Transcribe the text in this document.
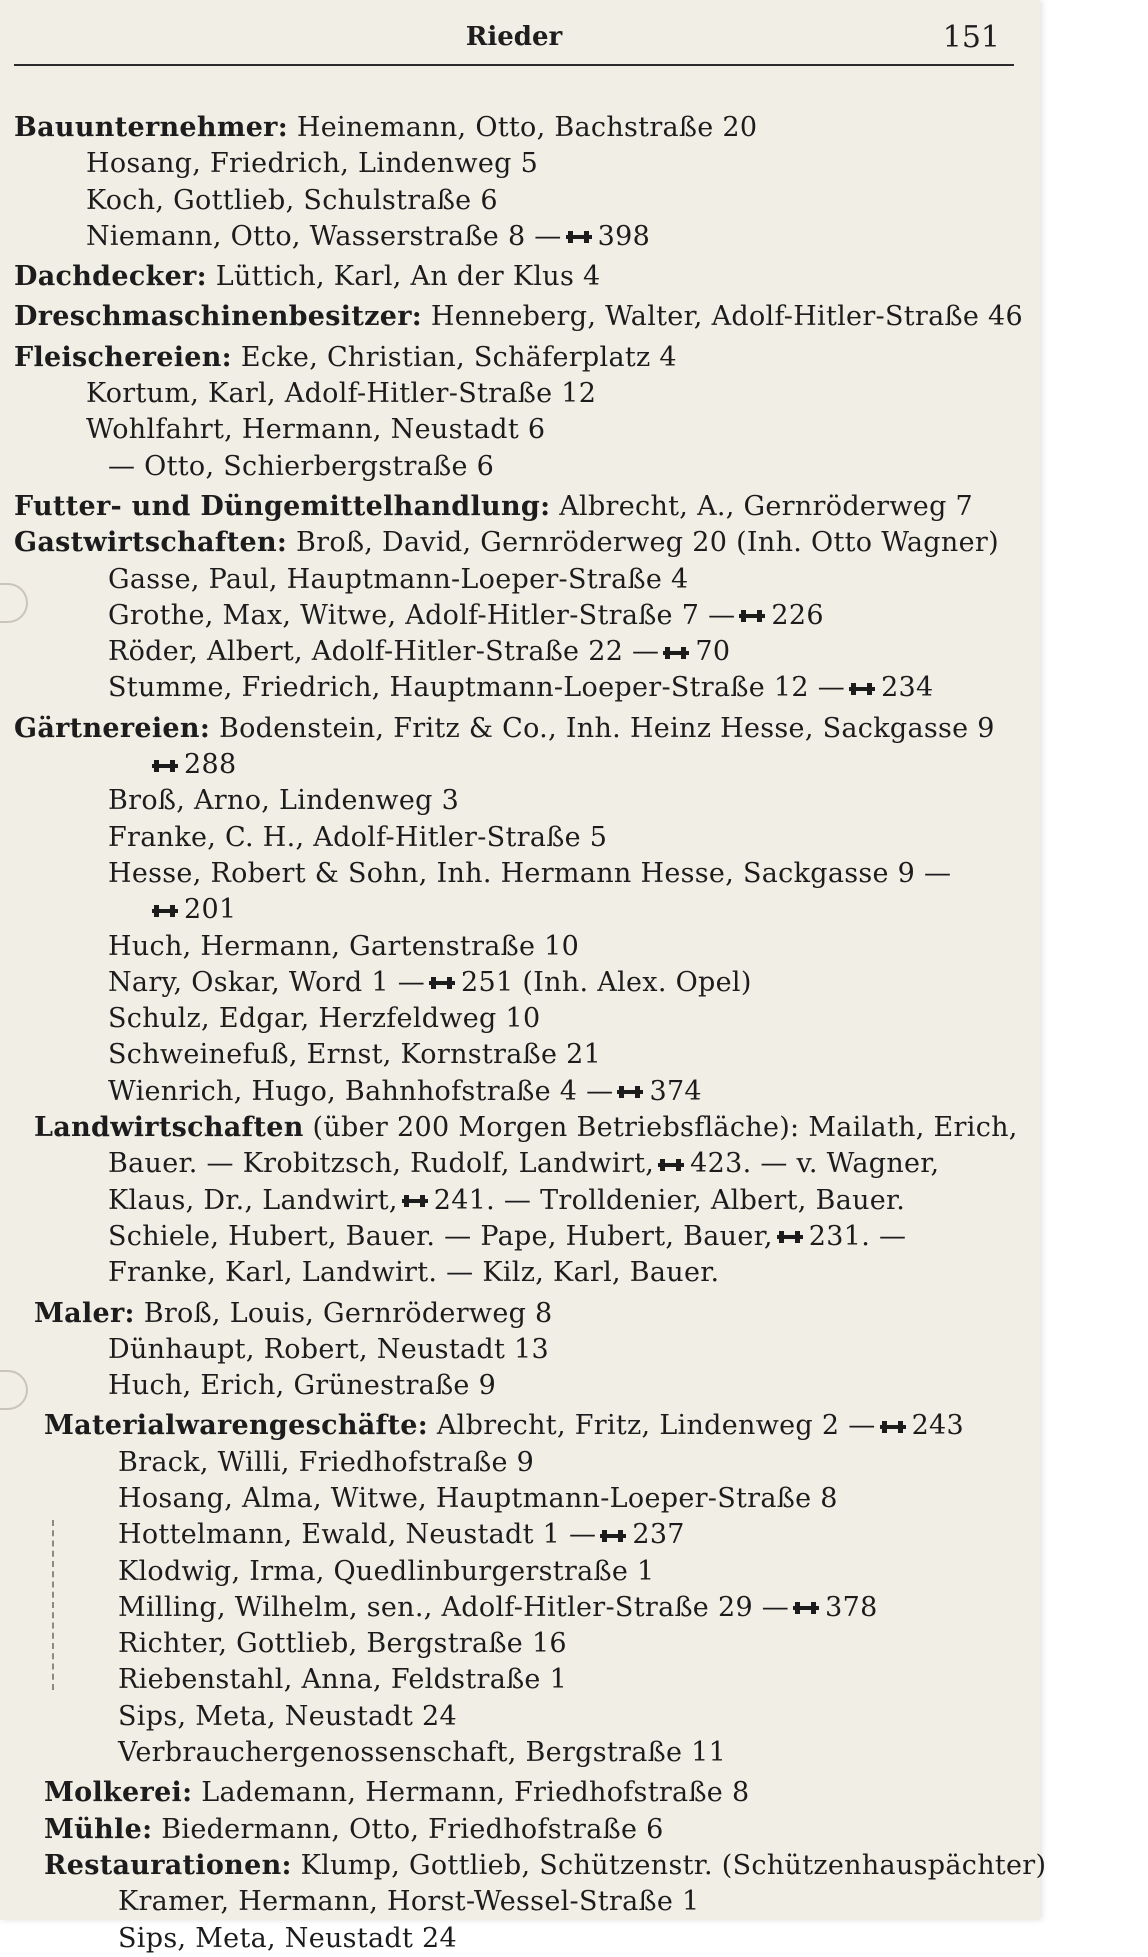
Rieder	151
Bauunternehmer: Heinemann, Otto, Bachstraße 20
Hosang, Friedrich, Lindenweg 5
Koch, Gottlieb, Schulstraße 6
Niemann, Otto, Wasserstraße 8 — 398
Dachdecker: Lüttich, Karl, An der Klus 4
Dreschmaschinenbesitzer: Henneberg, Walter, Adolf-Hitler-Straße 46
Fleischereien: Ecke, Christian, Schäferplatz 4
Kortum, Karl, Adolf-Hitler-Straße 12
Wohlfahrt, Hermann, Neustadt 6
— Otto, Schierbergstraße 6
Futter- und Düngemittelhandlung: Albrecht, A., Gernröderweg 7
Gastwirtschaften: Broß, David, Gernröderweg 20 (Inh. Otto Wagner)
Gasse, Paul, Hauptmann-Loeper-Straße 4
Grothe, Max, Witwe, Adolf-Hitler-Straße 7 — 226
Röder, Albert, Adolf-Hitler-Straße 22 — 70
Stumme, Friedrich, Hauptmann-Loeper-Straße 12 — 234
Gärtnereien: Bodenstein, Fritz & Co., Inh. Heinz Hesse, Sackgasse 9
288
Broß, Arno, Lindenweg 3
Franke, C. H., Adolf-Hitler-Straße 5
Hesse, Robert & Sohn, Inh. Hermann Hesse, Sackgasse 9 —
201
Huch, Hermann, Gartenstraße 10
Nary, Oskar, Word 1 — 251 (Inh. Alex. Opel)
Schulz, Edgar, Herzfeldweg 10
Schweinefuß, Ernst, Kornstraße 21
Wienrich, Hugo, Bahnhofstraße 4 — 374
Landwirtschaften (über 200 Morgen Betriebsfläche): Mailath, Erich,
Bauer. — Krobitzsch, Rudolf, Landwirt, 423. — v. Wagner,
Klaus, Dr., Landwirt, 241. — Trolldenier, Albert, Bauer.
Schiele, Hubert, Bauer. — Pape, Hubert, Bauer, 231. —
Franke, Karl, Landwirt. — Kilz, Karl, Bauer.
Maler: Broß, Louis, Gernröderweg 8
Dünhaupt, Robert, Neustadt 13
Huch, Erich, Grünestraße 9
Materialwarengeschäfte: Albrecht, Fritz, Lindenweg 2 — 243
Brack, Willi, Friedhofstraße 9
Hosang, Alma, Witwe, Hauptmann-Loeper-Straße 8
Hottelmann, Ewald, Neustadt 1 — 237
Klodwig, Irma, Quedlinburgerstraße 1
Milling, Wilhelm, sen., Adolf-Hitler-Straße 29 — 378
Richter, Gottlieb, Bergstraße 16
Riebenstahl, Anna, Feldstraße 1
Sips, Meta, Neustadt 24
Verbrauchergenossenschaft, Bergstraße 11
Molkerei: Lademann, Hermann, Friedhofstraße 8
Mühle: Biedermann, Otto, Friedhofstraße 6
Restaurationen: Klump, Gottlieb, Schützenstr. (Schützenhauspächter)
Kramer, Hermann, Horst-Wessel-Straße 1
Sips, Meta, Neustadt 24
